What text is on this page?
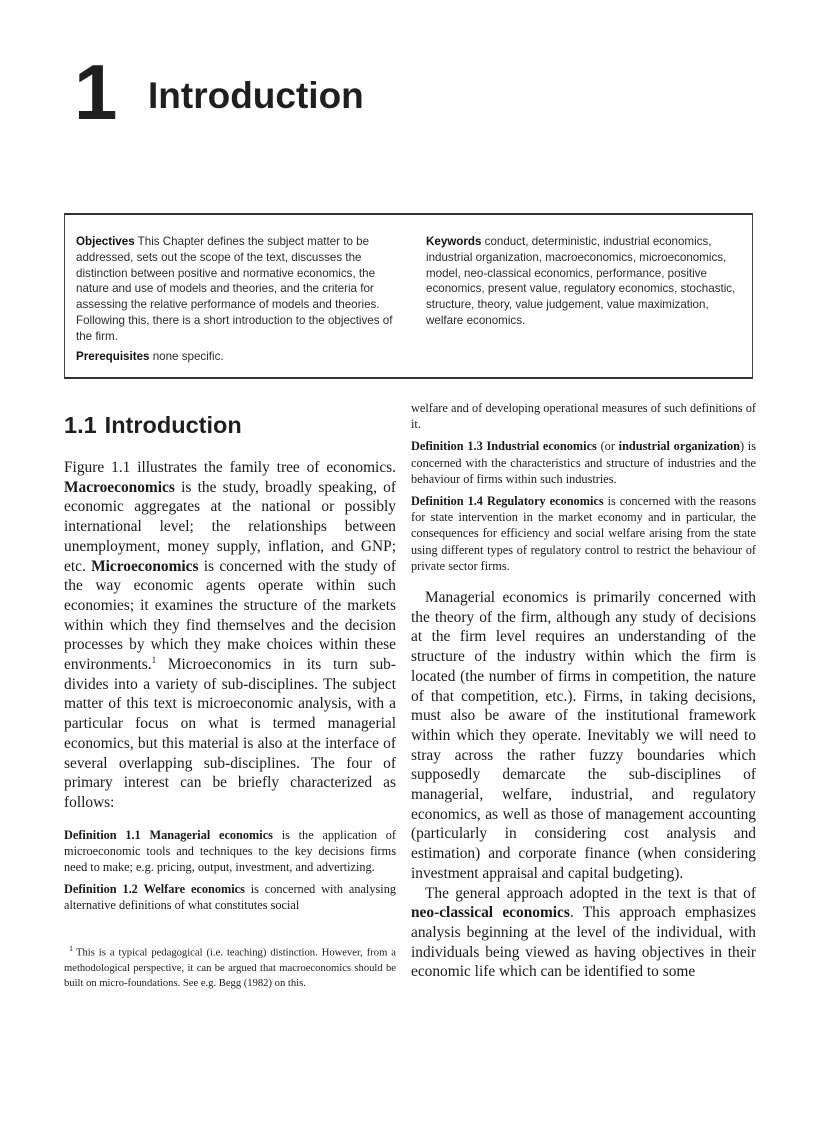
1 Introduction

Objectives This Chapter defines the subject matter to be addressed, sets out the scope of the text, discusses the distinction between positive and normative economics, the nature and use of models and theories, and the criteria for assessing the relative performance of models and theories. Following this, there is a short introduction to the objectives of the firm.

Prerequisites none specific.

Keywords conduct, deterministic, industrial economics, industrial organization, macroeconomics, microeconomics, model, neo-classical economics, performance, positive economics, present value, regulatory economics, stochastic, structure, theory, value judgement, value maximization, welfare economics.

1.1 Introduction

Figure 1.1 illustrates the family tree of economics. Macroeconomics is the study, broadly speaking, of economic aggregates at the national or possibly international level; the relationships between unemployment, money supply, inflation, and GNP; etc. Microeconomics is concerned with the study of the way economic agents operate within such economies; it examines the structure of the markets within which they find themselves and the decision processes by which they make choices within these environments.$^1$ Microeconomics in its turn sub-divides into a variety of sub-disciplines. The subject matter of this text is microeconomic analysis, with a particular focus on what is termed managerial economics, but this material is also at the interface of several overlapping sub-disciplines. The four of primary interest can be briefly characterized as follows:

Definition 1.1 Managerial economics is the application of microeconomic tools and techniques to the key decisions firms need to make; e.g. pricing, output, investment, and advertizing.

Definition 1.2 Welfare economics is concerned with analysing alternative definitions of what constitutes social

$^1$ This is a typical pedagogical (i.e. teaching) distinction. However, from a methodological perspective, it can be argued that macroeconomics should be built on micro-foundations. See e.g. Begg (1982) on this.

welfare and of developing operational measures of such definitions of it.

Definition 1.3 Industrial economics (or industrial organization) is concerned with the characteristics and structure of industries and the behaviour of firms within such industries.

Definition 1.4 Regulatory economics is concerned with the reasons for state intervention in the market economy and in particular, the consequences for efficiency and social welfare arising from the state using different types of regulatory control to restrict the behaviour of private sector firms.

Managerial economics is primarily concerned with the theory of the firm, although any study of decisions at the firm level requires an understanding of the structure of the industry within which the firm is located (the number of firms in competition, the nature of that competition, etc.). Firms, in taking decisions, must also be aware of the institutional framework within which they operate. Inevitably we will need to stray across the rather fuzzy boundaries which supposedly demarcate the sub-disciplines of managerial, welfare, industrial, and regulatory economics, as well as those of management accounting (particularly in considering cost analysis and estimation) and corporate finance (when considering investment appraisal and capital budgeting).

The general approach adopted in the text is that of neo-classical economics. This approach emphasizes analysis beginning at the level of the individual, with individuals being viewed as having objectives in their economic life which can be identified to some
